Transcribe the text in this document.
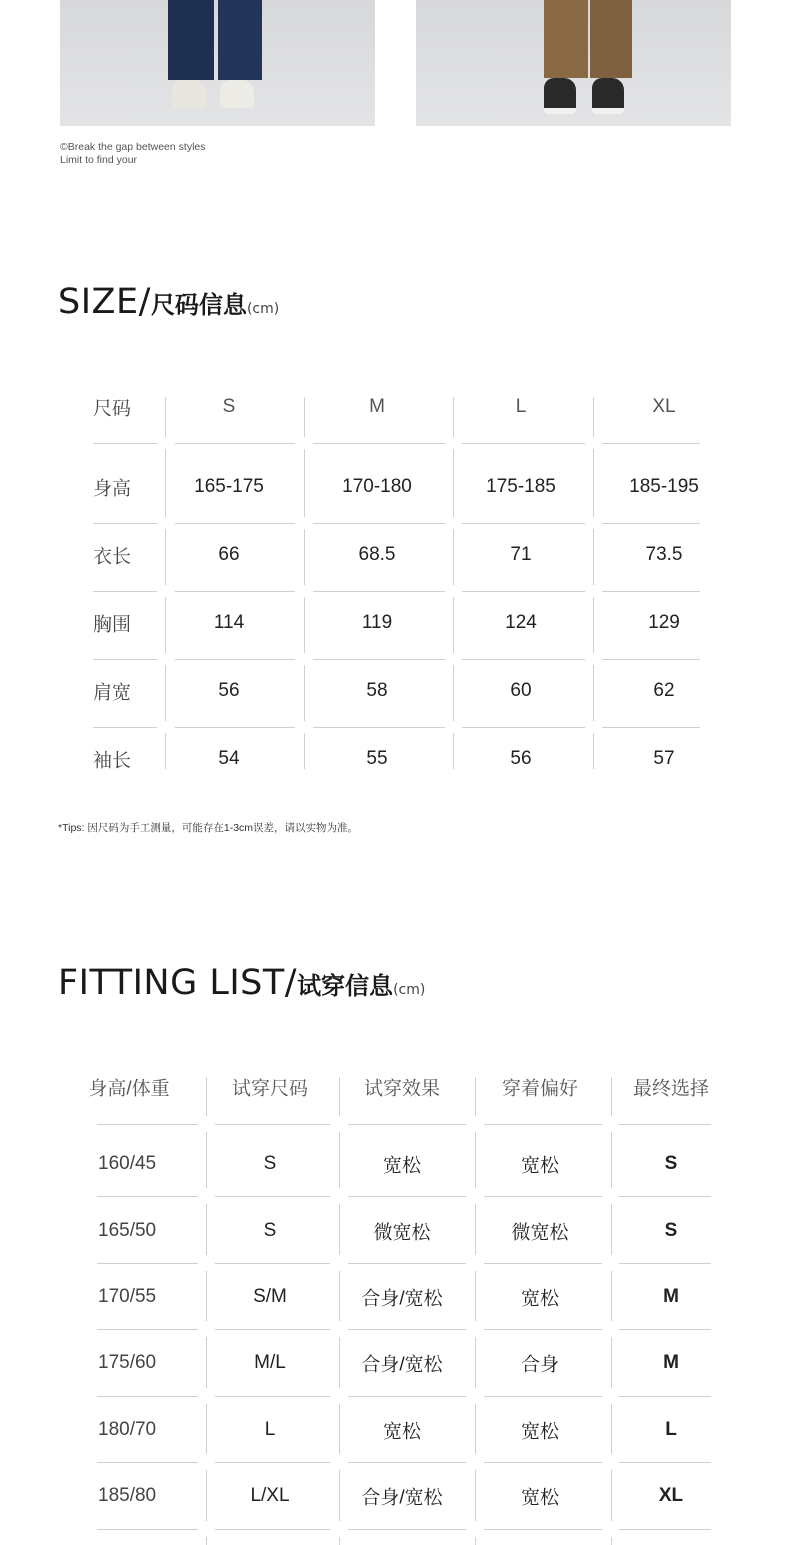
©Break the gap between styles Limit to find your
SIZE/尺码信息(cm)
尺码	S	M	L	XL
身高	165-175	170-180	175-185	185-195
衣长	66	68.5	71	73.5
胸围	114	119	124	129
肩宽	56	58	60	62
袖长	54	55	56	57
*Tips: 因尺码为手工测量，可能存在1-3cm误差，请以实物为准。
FITTING LIST/试穿信息(cm)
身高/体重	试穿尺码	试穿效果	穿着偏好	最终选择
160/45	S	宽松	宽松	S
165/50	S	微宽松	微宽松	S
170/55	S/M	合身/宽松	宽松	M
175/60	M/L	合身/宽松	合身	M
180/70	L	宽松	宽松	L
185/80	L/XL	合身/宽松	宽松	XL
